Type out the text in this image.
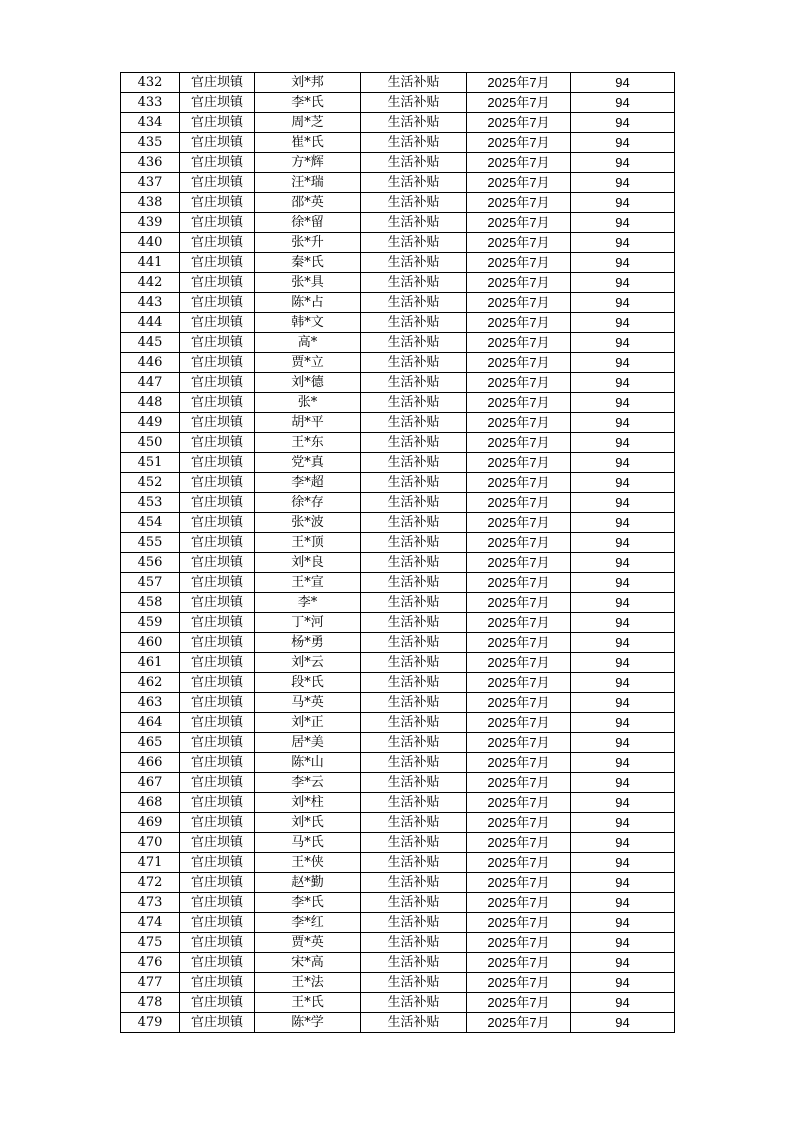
432	官庄坝镇	刘*邦	生活补贴	2025年7月	94
433	官庄坝镇	李*氏	生活补贴	2025年7月	94
434	官庄坝镇	周*芝	生活补贴	2025年7月	94
435	官庄坝镇	崔*氏	生活补贴	2025年7月	94
436	官庄坝镇	方*辉	生活补贴	2025年7月	94
437	官庄坝镇	汪*瑞	生活补贴	2025年7月	94
438	官庄坝镇	邵*英	生活补贴	2025年7月	94
439	官庄坝镇	徐*留	生活补贴	2025年7月	94
440	官庄坝镇	张*升	生活补贴	2025年7月	94
441	官庄坝镇	秦*氏	生活补贴	2025年7月	94
442	官庄坝镇	张*具	生活补贴	2025年7月	94
443	官庄坝镇	陈*占	生活补贴	2025年7月	94
444	官庄坝镇	韩*文	生活补贴	2025年7月	94
445	官庄坝镇	高*	生活补贴	2025年7月	94
446	官庄坝镇	贾*立	生活补贴	2025年7月	94
447	官庄坝镇	刘*德	生活补贴	2025年7月	94
448	官庄坝镇	张*	生活补贴	2025年7月	94
449	官庄坝镇	胡*平	生活补贴	2025年7月	94
450	官庄坝镇	王*东	生活补贴	2025年7月	94
451	官庄坝镇	党*真	生活补贴	2025年7月	94
452	官庄坝镇	李*超	生活补贴	2025年7月	94
453	官庄坝镇	徐*存	生活补贴	2025年7月	94
454	官庄坝镇	张*波	生活补贴	2025年7月	94
455	官庄坝镇	王*顶	生活补贴	2025年7月	94
456	官庄坝镇	刘*良	生活补贴	2025年7月	94
457	官庄坝镇	王*宣	生活补贴	2025年7月	94
458	官庄坝镇	李*	生活补贴	2025年7月	94
459	官庄坝镇	丁*河	生活补贴	2025年7月	94
460	官庄坝镇	杨*勇	生活补贴	2025年7月	94
461	官庄坝镇	刘*云	生活补贴	2025年7月	94
462	官庄坝镇	段*氏	生活补贴	2025年7月	94
463	官庄坝镇	马*英	生活补贴	2025年7月	94
464	官庄坝镇	刘*正	生活补贴	2025年7月	94
465	官庄坝镇	居*美	生活补贴	2025年7月	94
466	官庄坝镇	陈*山	生活补贴	2025年7月	94
467	官庄坝镇	李*云	生活补贴	2025年7月	94
468	官庄坝镇	刘*柱	生活补贴	2025年7月	94
469	官庄坝镇	刘*氏	生活补贴	2025年7月	94
470	官庄坝镇	马*氏	生活补贴	2025年7月	94
471	官庄坝镇	王*侠	生活补贴	2025年7月	94
472	官庄坝镇	赵*勤	生活补贴	2025年7月	94
473	官庄坝镇	李*氏	生活补贴	2025年7月	94
474	官庄坝镇	李*红	生活补贴	2025年7月	94
475	官庄坝镇	贾*英	生活补贴	2025年7月	94
476	官庄坝镇	宋*高	生活补贴	2025年7月	94
477	官庄坝镇	王*法	生活补贴	2025年7月	94
478	官庄坝镇	王*氏	生活补贴	2025年7月	94
479	官庄坝镇	陈*学	生活补贴	2025年7月	94
